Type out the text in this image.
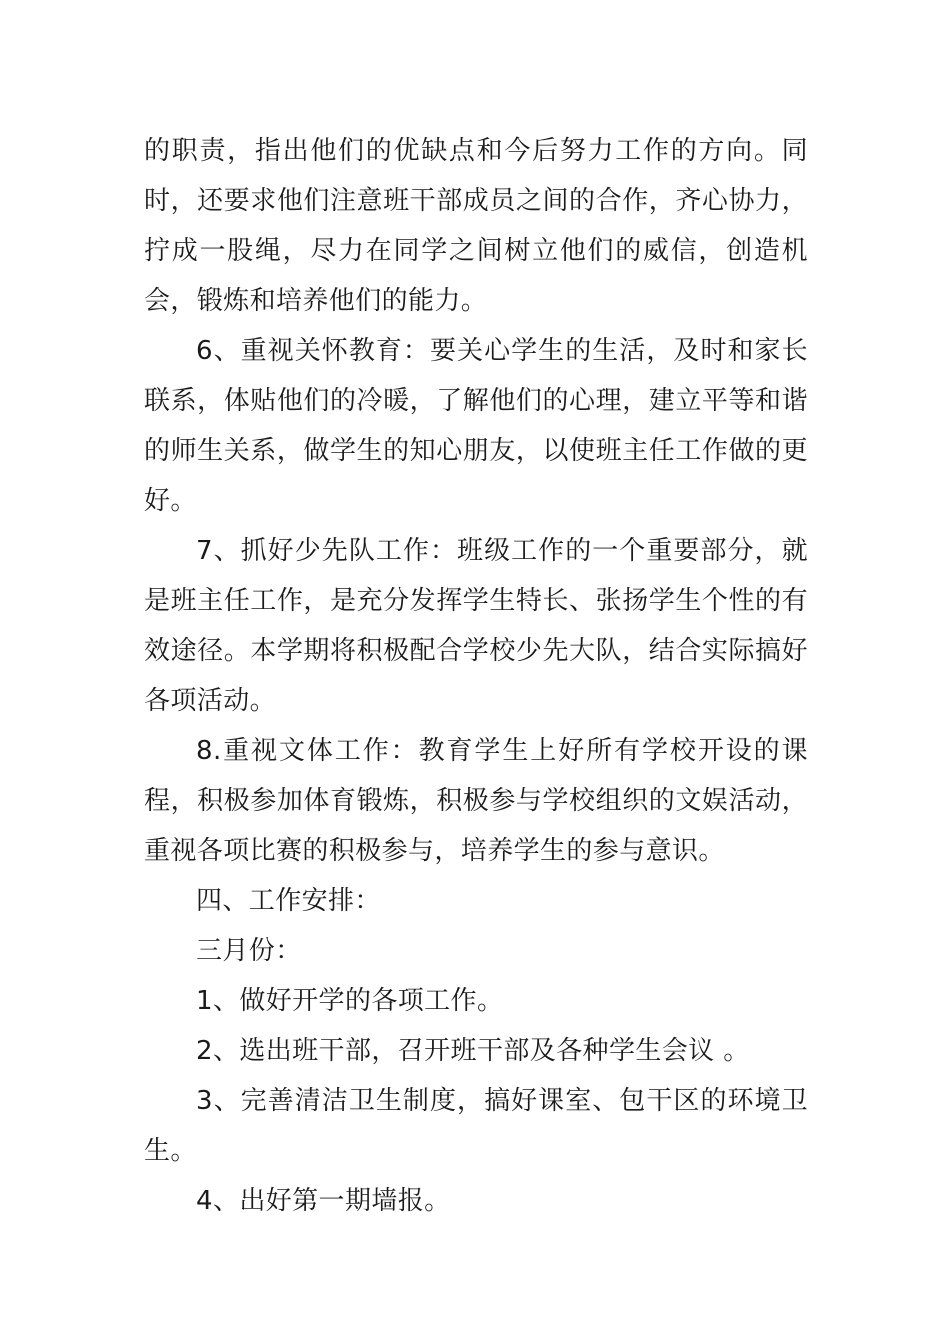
的职责，指出他们的优缺点和今后努力工作的方向。同时，还要求他们注意班干部成员之间的合作，齐心协力，拧成一股绳，尽力在同学之间树立他们的威信，创造机会，锻炼和培养他们的能力。

6、重视关怀教育：要关心学生的生活，及时和家长联系，体贴他们的冷暖，了解他们的心理，建立平等和谐的师生关系，做学生的知心朋友，以使班主任工作做的更好。

7、抓好少先队工作：班级工作的一个重要部分，就是班主任工作，是充分发挥学生特长、张扬学生个性的有效途径。本学期将积极配合学校少先大队，结合实际搞好各项活动。

8.重视文体工作：教育学生上好所有学校开设的课程，积极参加体育锻炼，积极参与学校组织的文娱活动，重视各项比赛的积极参与，培养学生的参与意识。

四、工作安排：

三月份：

1、做好开学的各项工作。

2、选出班干部，召开班干部及各种学生会议 。

3、完善清洁卫生制度，搞好课室、包干区的环境卫生。

4、出好第一期墙报。
